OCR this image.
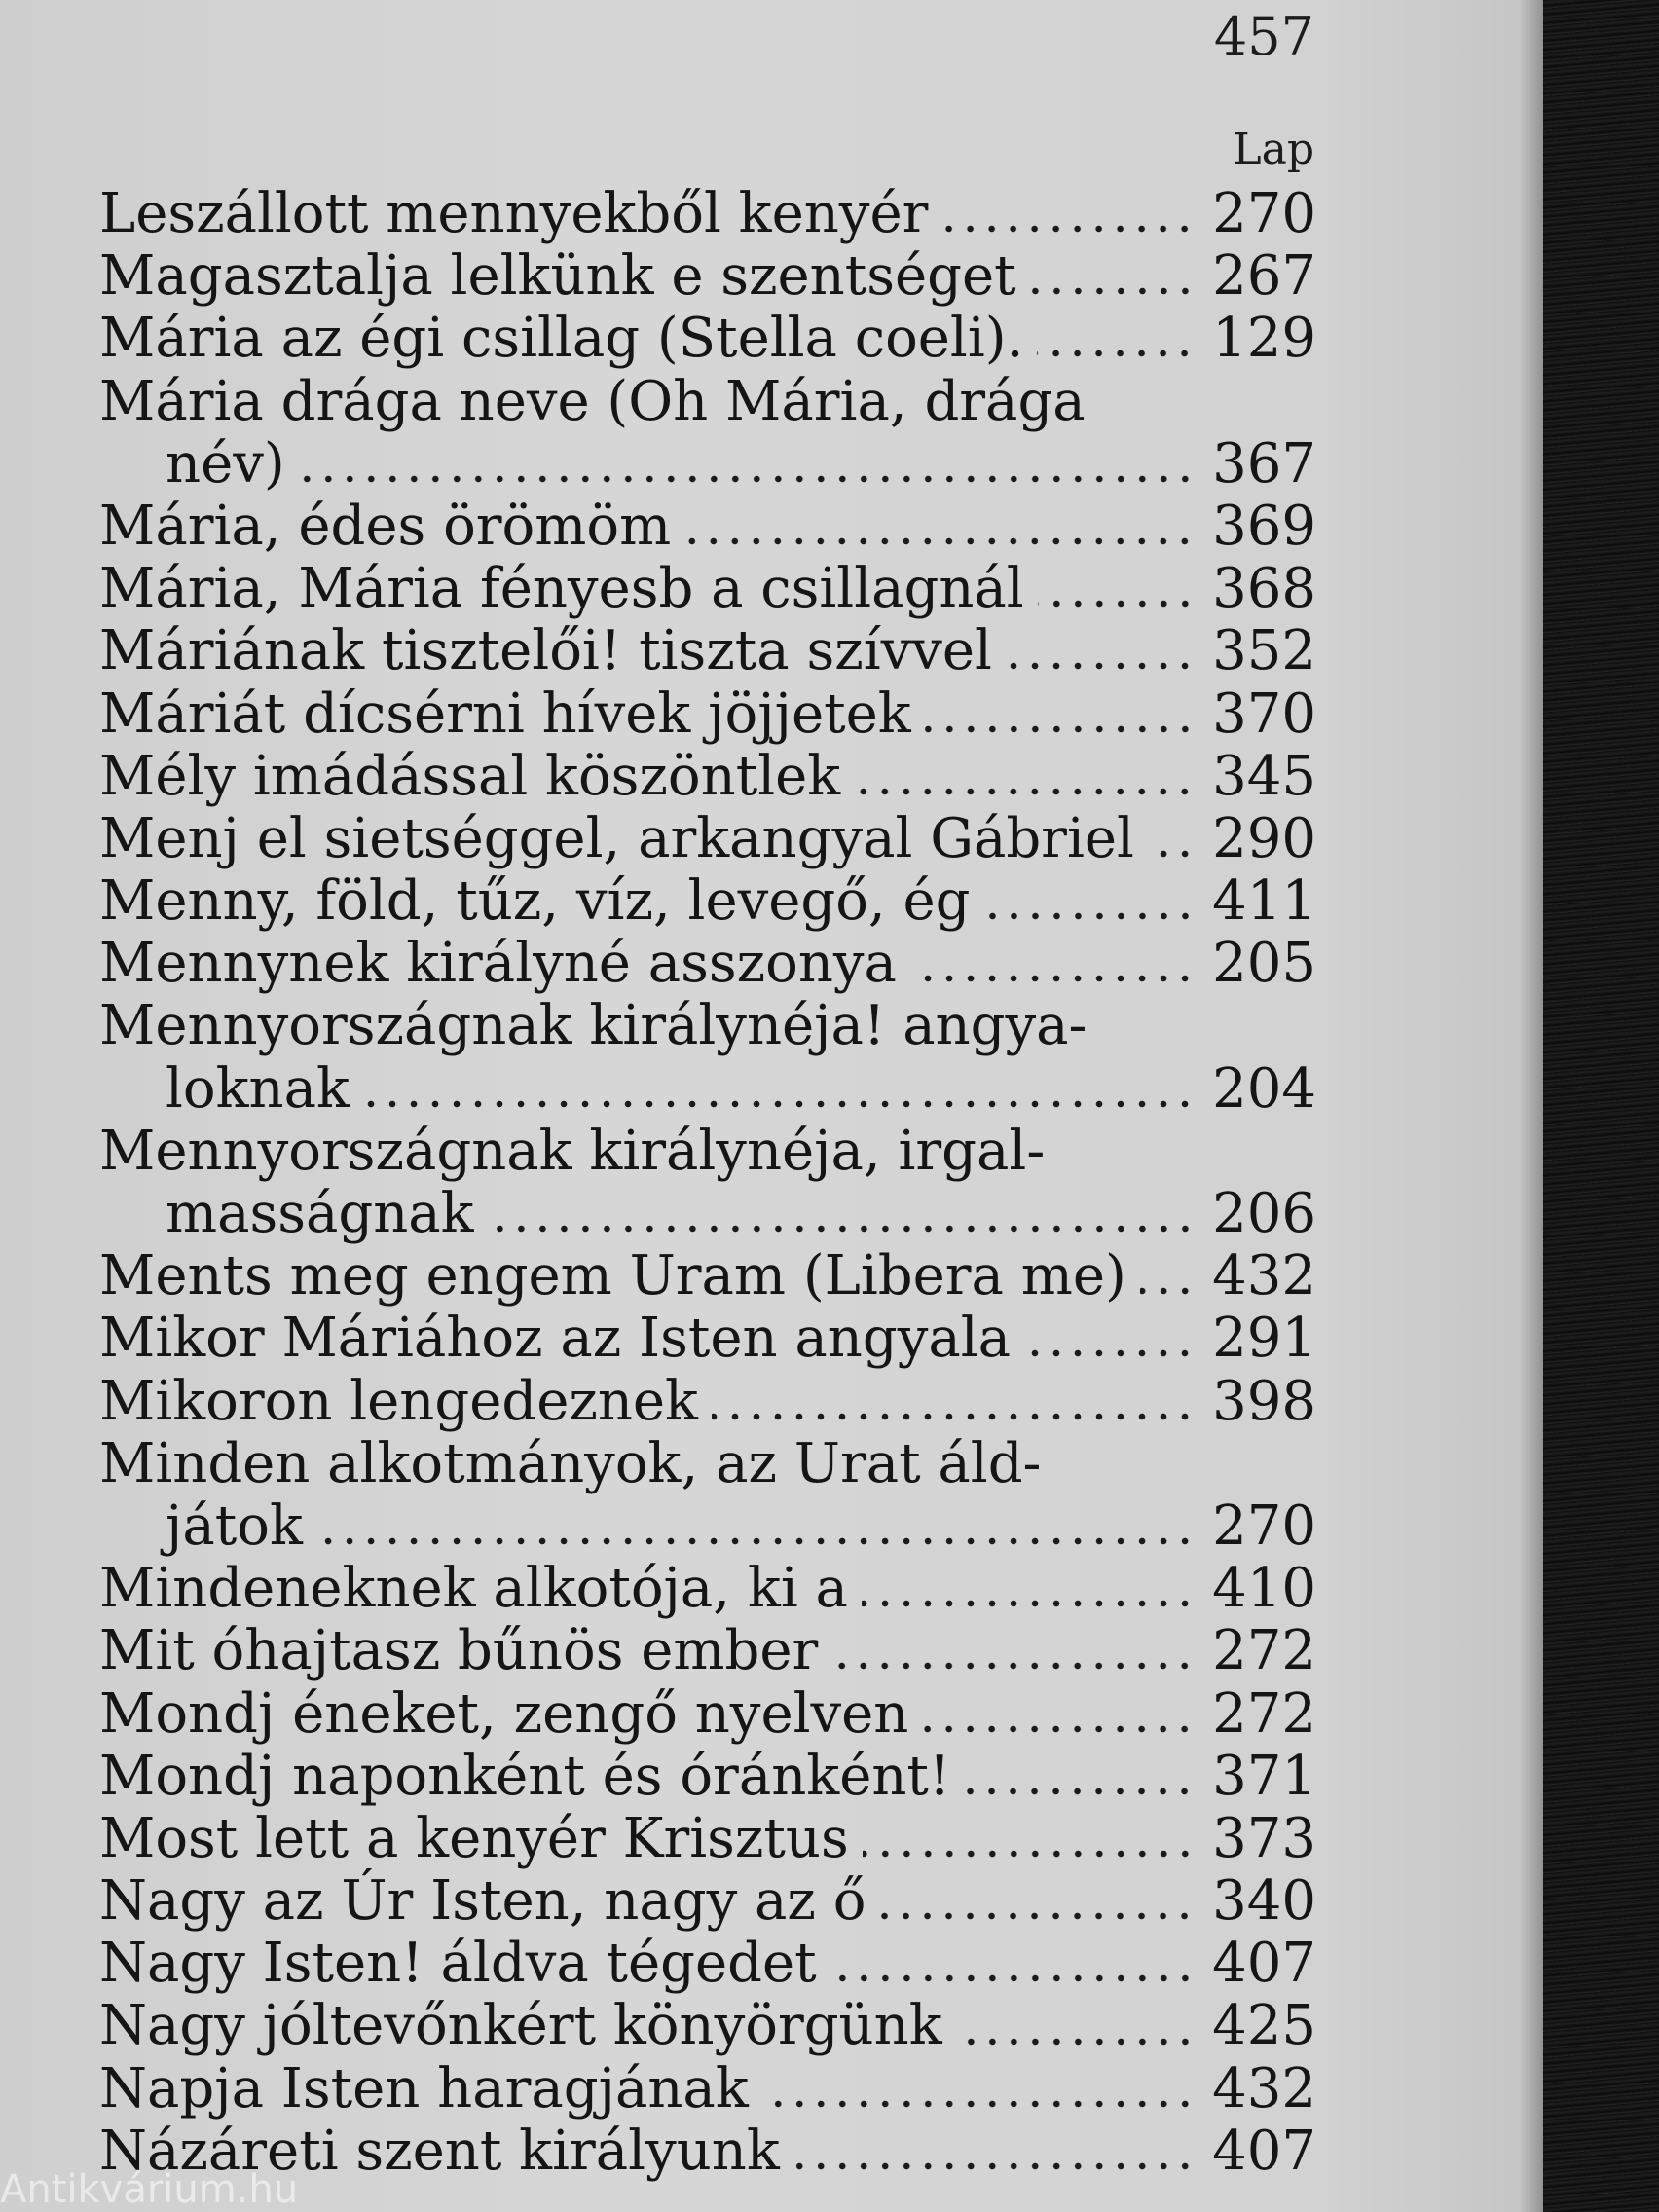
457
Lap
Leszállott mennyekből kenyér	270
Magasztalja lelkünk e szentséget	267
Mária az égi csillag (Stella coeli).	129
Mária drága neve (Oh Mária, drága
név)	367
Mária, édes örömöm	369
Mária, Mária fényesb a csillagnál	368
Máriának tisztelői! tiszta szívvel	352
Máriát dícsérni hívek jöjjetek	370
Mély imádással köszöntlek	345
Menj el sietséggel, arkangyal Gábriel 290
Menny, föld, tűz, víz, levegő, ég	411
Mennynek királyné asszonya	205
Mennyországnak királynéja! angya-
loknak	204
Mennyországnak királynéja, irgal-
masságnak	206
Ments meg engem Uram (Libera me) 432
Mikor Máriához az Isten angyala	291
Mikoron lengedeznek	398
Minden alkotmányok, az Urat áld-
játok	270
Mindeneknek alkotója, ki a	410
Mit óhajtasz bűnös ember	272
Mondj éneket, zengő nyelven	272
Mondj naponként és óránként!	371
Most lett a kenyér Krisztus	373
Nagy az Úr Isten, nagy az ő	340
Nagy Isten! áldva tégedet	407
Nagy jóltevőnkért könyörgünk	425
Napja Isten haragjának	432
Názáreti szent királyunk	407
Antikvárium.hu
